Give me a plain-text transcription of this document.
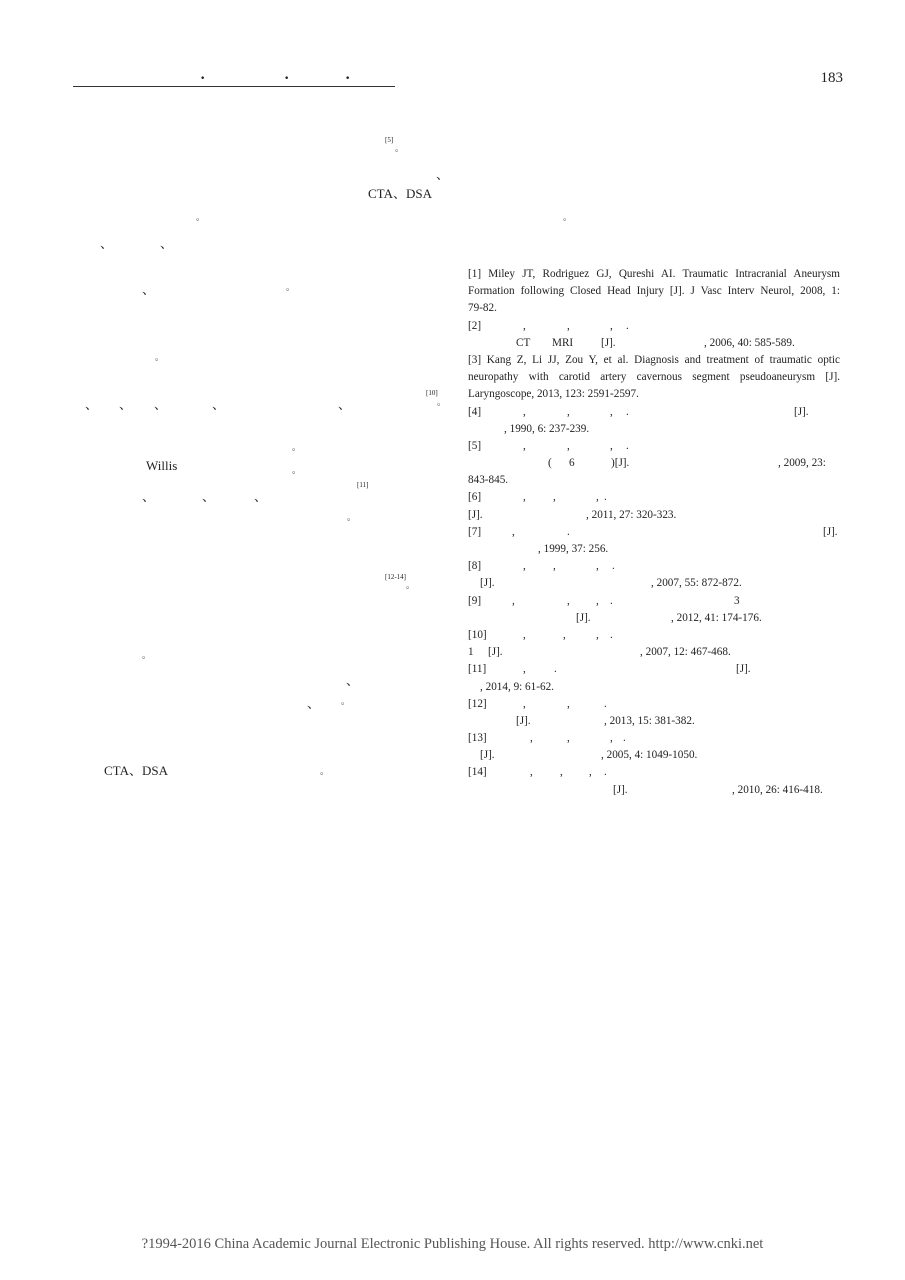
·	·	·	183
[5]
。
、
CTA、DSA
。	。
、	、
、	。
。
、 、 、	、	、
[10]
。
。
Willis	。
[11]
、	、	、
。
[12-14]
。
。
、
、 。
CTA、DSA	。
[1] Miley JT, Rodriguez GJ, Qureshi AI. Traumatic Intracranial Aneurysm
Formation following Closed Head Injury [J]. J Vasc Interv Neurol, 2008, 1:
79-82.
[2]	,	,	, .
CT MRI [J].	, 2006, 40: 585-589.
[3] Kang Z, Li JJ, Zou Y, et al. Diagnosis and treatment of traumatic optic
neuropathy with carotid artery cavernous segment pseudoaneurysm [J].
Laryngoscope, 2013, 123: 2591-2597.
[4]	,	,	, .	[J].
, 1990, 6: 237-239.
[5]	,	,	, .
( 6	)[J].	, 2009, 23:
843-845.
[6]	, ,	, .
[J].	, 2011, 27: 320-323.
[7]	,	.	[J].
, 1999, 37: 256.
[8]	, ,	, .
[J].	, 2007, 55: 872-872.
[9]	,	, , .	3
[J].	, 2012, 41: 174-176.
[10]	,	,	, .
1 [J].	, 2007, 12: 467-468.
[11]	,	.	[J].
, 2014, 9: 61-62.
[12]	,	,	.
[J].	, 2013, 15: 381-382.
[13]	,	,	, .
[J].	, 2005, 4: 1049-1050.
[14]	, , , .
[J].	, 2010, 26: 416-418.
?1994-2016 China Academic Journal Electronic Publishing House. All rights reserved. http://www.cnki.net
